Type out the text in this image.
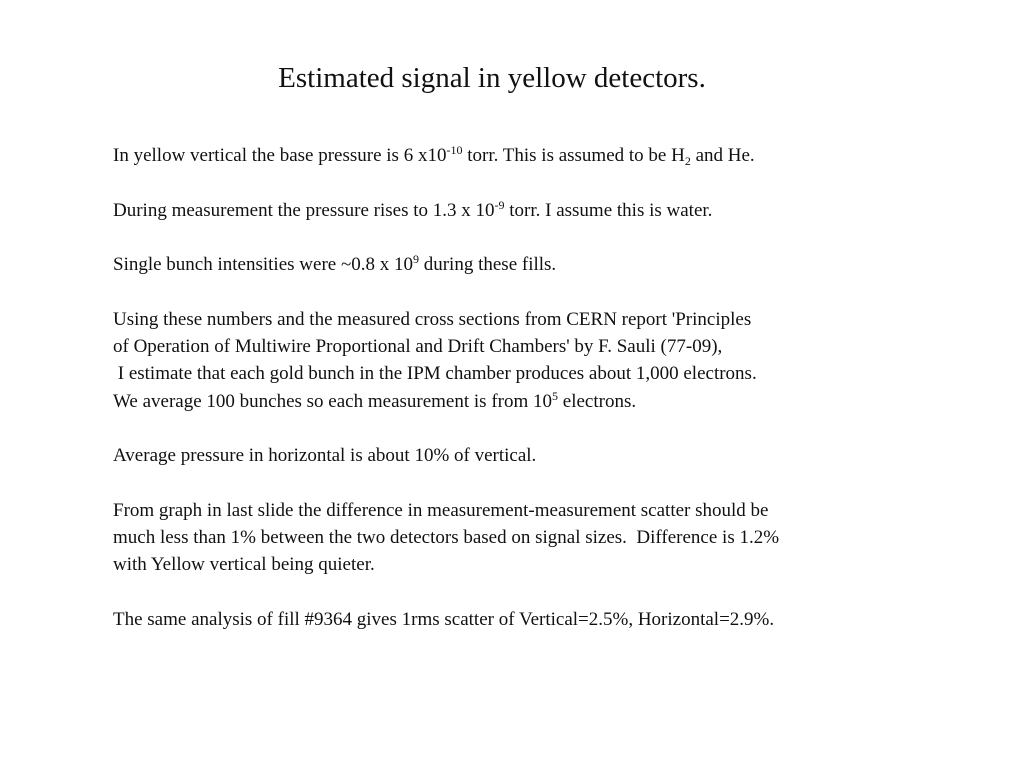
Estimated signal in yellow detectors.

In yellow vertical the base pressure is 6 $x10^{-10}$ torr. This is assumed to be $H_2$ and He.

During measurement the pressure rises to 1.3 x $10^{-9}$ torr. I assume this is water.

Single bunch intensities were ~0.8 x $10^9$ during these fills.

Using these numbers and the measured cross sections from CERN report 'Principles
of Operation of Multiwire Proportional and Drift Chambers' by F. Sauli (77-09),
I estimate that each gold bunch in the IPM chamber produces about 1,000 electrons.
We average 100 bunches so each measurement is from $10^5$ electrons.

Average pressure in horizontal is about 10% of vertical.

From graph in last slide the difference in measurement-measurement scatter should be
much less than 1% between the two detectors based on signal sizes.  Difference is 1.2%
with Yellow vertical being quieter.

The same analysis of fill #9364 gives 1rms scatter of Vertical=2.5%, Horizontal=2.9%.
